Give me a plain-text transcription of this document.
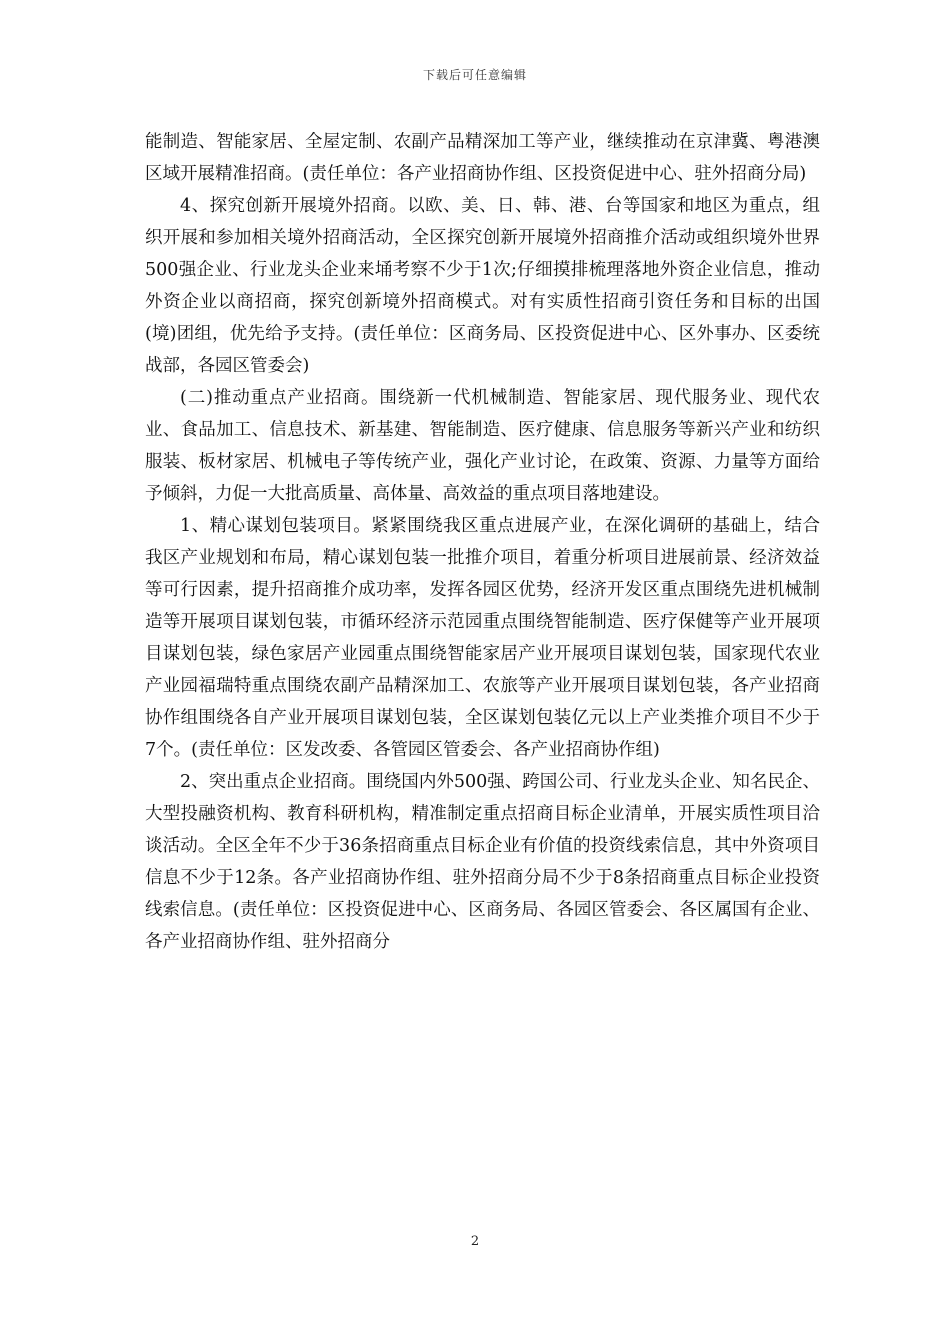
下载后可任意编辑

能制造、智能家居、全屋定制、农副产品精深加工等产业，继续推动在京津冀、粤港澳区域开展精准招商。(责任单位：各产业招商协作组、区投资促进中心、驻外招商分局)

4、探究创新开展境外招商。以欧、美、日、韩、港、台等国家和地区为重点，组织开展和参加相关境外招商活动，全区探究创新开展境外招商推介活动或组织境外世界500强企业、行业龙头企业来埇考察不少于1次;仔细摸排梳理落地外资企业信息，推动外资企业以商招商，探究创新境外招商模式。对有实质性招商引资任务和目标的出国(境)团组，优先给予支持。(责任单位：区商务局、区投资促进中心、区外事办、区委统战部，各园区管委会)

(二)推动重点产业招商。围绕新一代机械制造、智能家居、现代服务业、现代农业、食品加工、信息技术、新基建、智能制造、医疗健康、信息服务等新兴产业和纺织服装、板材家居、机械电子等传统产业，强化产业讨论，在政策、资源、力量等方面给予倾斜，力促一大批高质量、高体量、高效益的重点项目落地建设。

1、精心谋划包装项目。紧紧围绕我区重点进展产业，在深化调研的基础上，结合我区产业规划和布局，精心谋划包装一批推介项目，着重分析项目进展前景、经济效益等可行因素，提升招商推介成功率，发挥各园区优势，经济开发区重点围绕先进机械制造等开展项目谋划包装，市循环经济示范园重点围绕智能制造、医疗保健等产业开展项目谋划包装，绿色家居产业园重点围绕智能家居产业开展项目谋划包装，国家现代农业产业园福瑞特重点围绕农副产品精深加工、农旅等产业开展项目谋划包装，各产业招商协作组围绕各自产业开展项目谋划包装，全区谋划包装亿元以上产业类推介项目不少于7个。(责任单位：区发改委、各管园区管委会、各产业招商协作组)

2、突出重点企业招商。围绕国内外500强、跨国公司、行业龙头企业、知名民企、大型投融资机构、教育科研机构，精准制定重点招商目标企业清单，开展实质性项目洽谈活动。全区全年不少于36条招商重点目标企业有价值的投资线索信息，其中外资项目信息不少于12条。各产业招商协作组、驻外招商分局不少于8条招商重点目标企业投资线索信息。(责任单位：区投资促进中心、区商务局、各园区管委会、各区属国有企业、各产业招商协作组、驻外招商分

2
